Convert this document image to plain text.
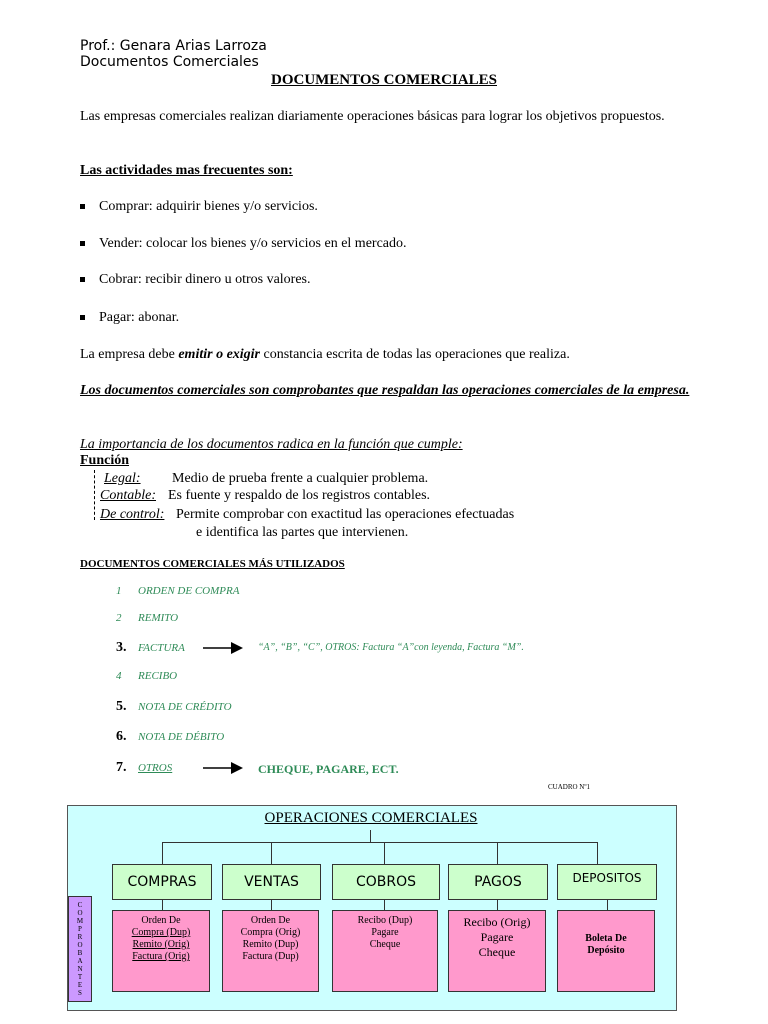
Prof.: Genara Arias Larroza
Documentos Comerciales
DOCUMENTOS COMERCIALES
Las empresas comerciales realizan diariamente operaciones básicas para lograr los objetivos propuestos.
Las actividades mas frecuentes son:
Comprar: adquirir bienes y/o servicios.
Vender: colocar los bienes y/o servicios en el mercado.
Cobrar: recibir dinero u otros valores.
Pagar: abonar.
La empresa debe emitir o exigir constancia escrita de todas las operaciones que realiza.
Los documentos comerciales son comprobantes que respaldan las operaciones comerciales de la empresa.
La importancia de los documentos radica en la función que cumple:
Función
Legal: Medio de prueba frente a cualquier problema.
Contable: Es fuente y respaldo de los registros contables.
De control: Permite comprobar con exactitud las operaciones efectuadas
e identifica las partes que intervienen.
DOCUMENTOS COMERCIALES MÁS UTILIZADOS
1 ORDEN DE COMPRA
2 REMITO
3. FACTURA	“A”, “B”, “C”, OTROS: Factura “A”con leyenda, Factura “M”.
4 RECIBO
5. NOTA DE CRÉDITO
6. NOTA DE DÉBITO
7. OTROS	CHEQUE, PAGARE, ECT.
CUADRO Nº1
OPERACIONES COMERCIALES
COMPRAS	VENTAS	COBROS	PAGOS	DEPOSITOS
Orden De
Compra (Dup)
Remito (Orig)
Factura (Orig)
Orden De
Compra (Orig)
Remito (Dup)
Factura (Dup)
Recibo (Dup)
Pagare
Cheque
Recibo (Orig)
Pagare
Cheque
Boleta De
Depósito
C
O
M
P
R
O
B
A
N
T
E
S
